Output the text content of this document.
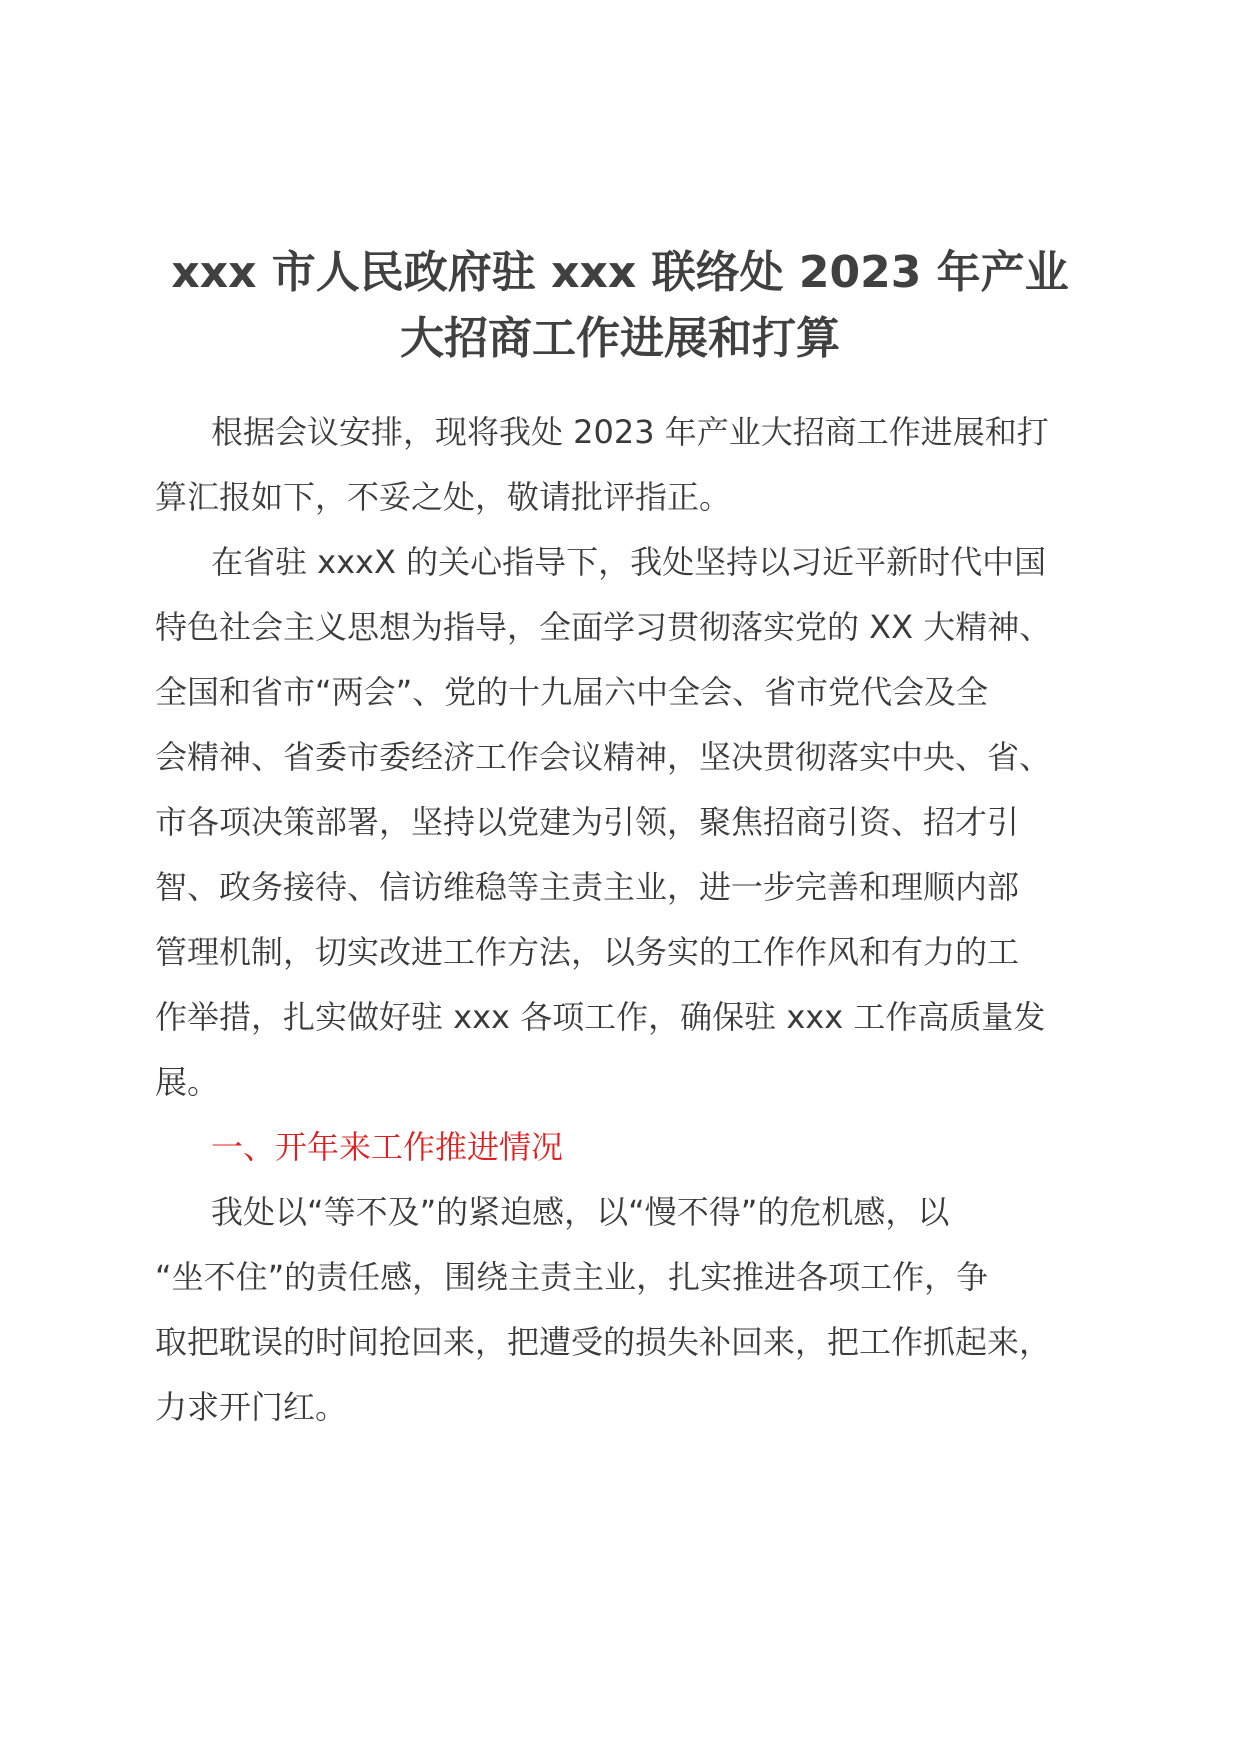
xxx 市人民政府驻 xxx 联络处 2023 年产业
大招商工作进展和打算

根据会议安排，现将我处 2023 年产业大招商工作进展和打
算汇报如下，不妥之处，敬请批评指正。

在省驻 xxxX 的关心指导下，我处坚持以习近平新时代中国
特色社会主义思想为指导，全面学习贯彻落实党的 XX 大精神、
全国和省市“两会”、党的十九届六中全会、省市党代会及全
会精神、省委市委经济工作会议精神，坚决贯彻落实中央、省、
市各项决策部署，坚持以党建为引领，聚焦招商引资、招才引
智、政务接待、信访维稳等主责主业，进一步完善和理顺内部
管理机制，切实改进工作方法，以务实的工作作风和有力的工
作举措，扎实做好驻 xxx 各项工作，确保驻 xxx 工作高质量发
展。

一、开年来工作推进情况

我处以“等不及”的紧迫感，以“慢不得”的危机感，以
“坐不住”的责任感，围绕主责主业，扎实推进各项工作，争
取把耽误的时间抢回来，把遭受的损失补回来，把工作抓起来，
力求开门红。
